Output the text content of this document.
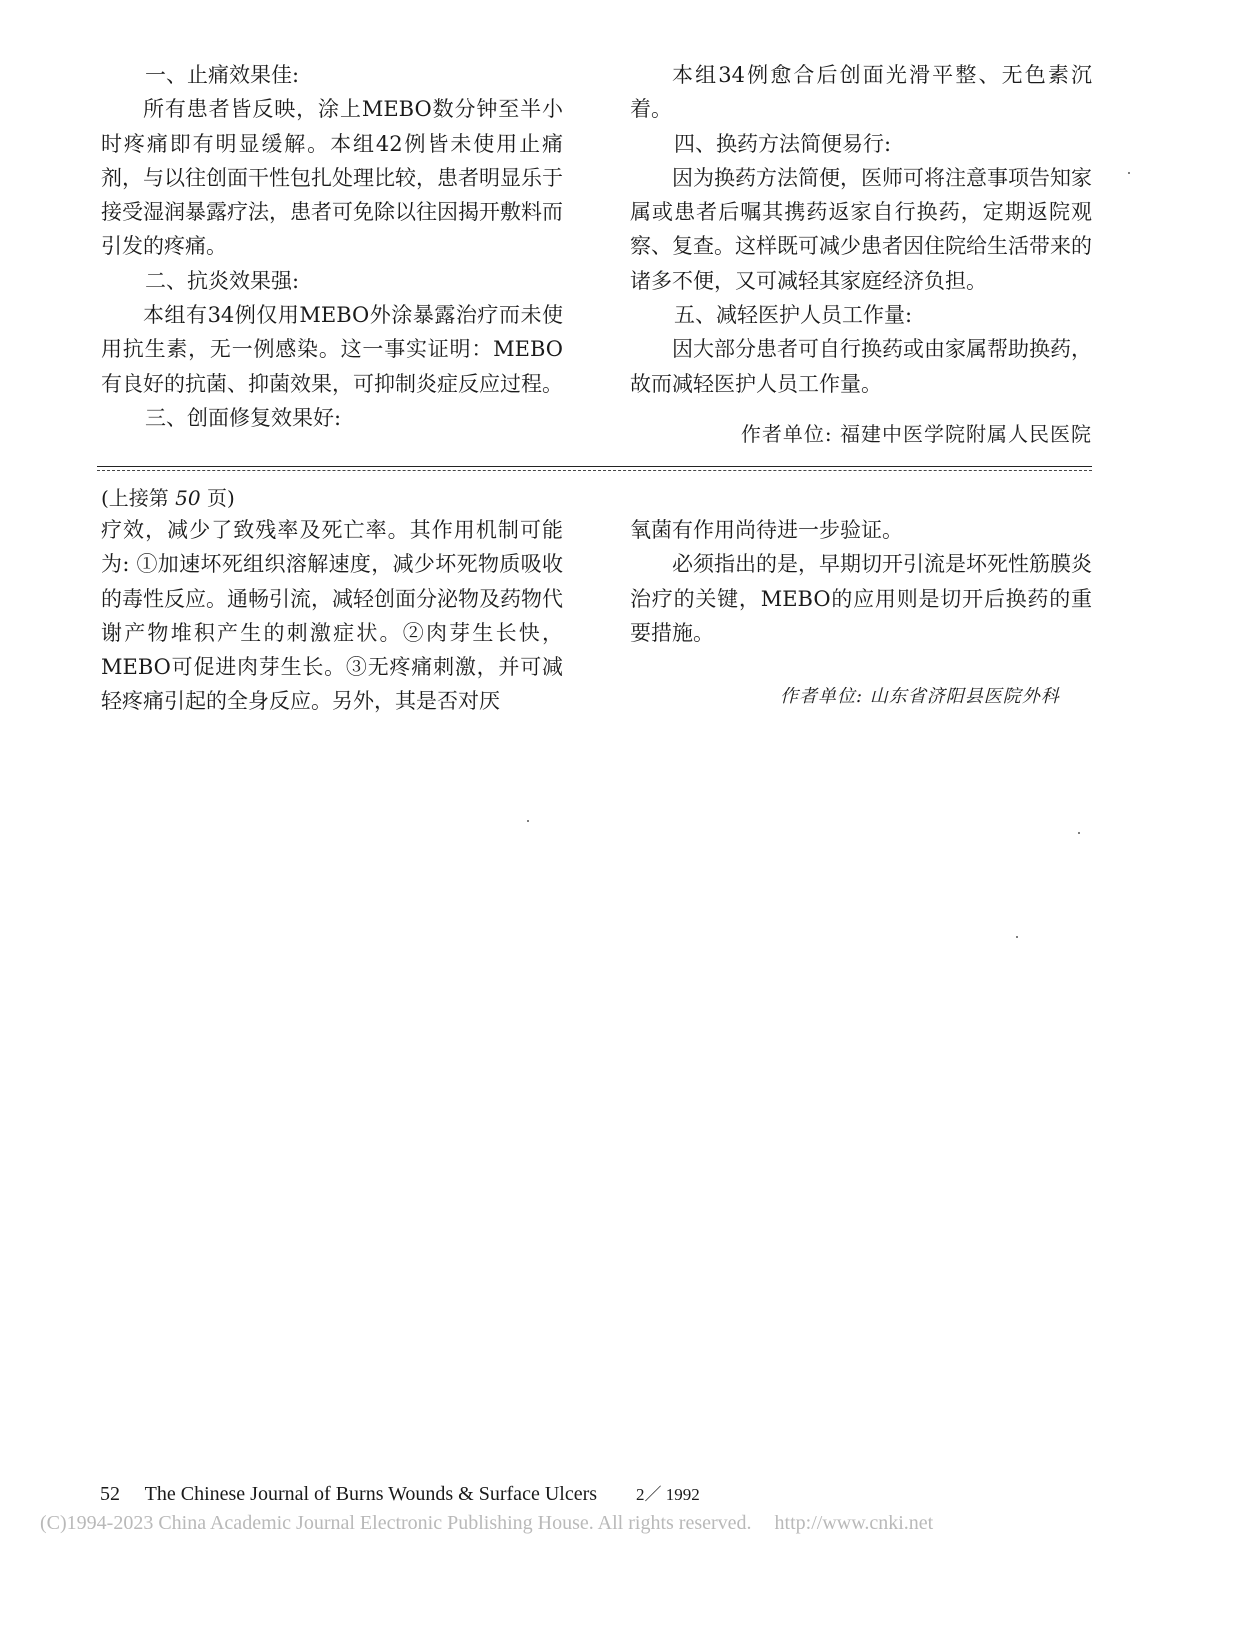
一、止痛效果佳:

所有患者皆反映，涂上MEBO数分钟至半小时疼痛即有明显缓解。本组42例皆未使用止痛剂，与以往创面干性包扎处理比较，患者明显乐于接受湿润暴露疗法，患者可免除以往因揭开敷料而引发的疼痛。

二、抗炎效果强:

本组有34例仅用MEBO外涂暴露治疗而未使用抗生素，无一例感染。这一事实证明：MEBO有良好的抗菌、抑菌效果，可抑制炎症反应过程。

三、创面修复效果好:

本组34例愈合后创面光滑平整、无色素沉着。

四、换药方法简便易行:

因为换药方法简便，医师可将注意事项告知家属或患者后嘱其携药返家自行换药，定期返院观察、复查。这样既可减少患者因住院给生活带来的诸多不便，又可减轻其家庭经济负担。

五、减轻医护人员工作量:

因大部分患者可自行换药或由家属帮助换药，故而减轻医护人员工作量。

作者单位: 福建中医学院附属人民医院
(上接第 50 页)

疗效，减少了致残率及死亡率。其作用机制可能为: ①加速坏死组织溶解速度，减少坏死物质吸收的毒性反应。通畅引流，减轻创面分泌物及药物代谢产物堆积产生的刺激症状。②肉芽生长快，MEBO可促进肉芽生长。③无疼痛刺激，并可减轻疼痛引起的全身反应。另外，其是否对厌

氧菌有作用尚待进一步验证。

必须指出的是，早期切开引流是坏死性筋膜炎治疗的关键，MEBO的应用则是切开后换药的重要措施。

作者单位: 山东省济阳县医院外科
52 The Chinese Journal of Burns Wounds & Surface Ulcers 2／ 1992
(C)1994-2023 China Academic Journal Electronic Publishing House. All rights reserved. http://www.cnki.net
